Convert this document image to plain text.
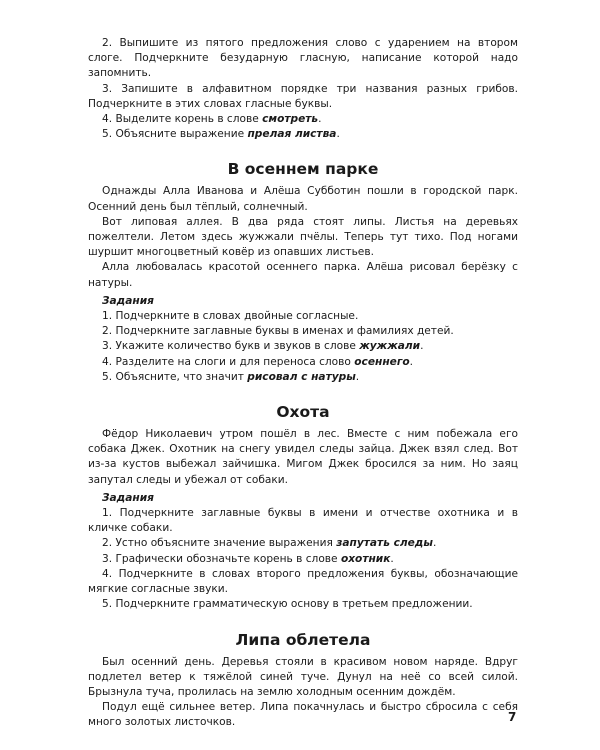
2. Выпишите из пятого предложения слово с ударением на втором слоге. Подчеркните безударную гласную, написание которой надо запомнить.

3. Запишите в алфавитном порядке три названия разных грибов. Подчеркните в этих словах гласные буквы.

4. Выделите корень в слове смотреть.

5. Объясните выражение прелая листва.

В осеннем парке

Однажды Алла Иванова и Алёша Субботин пошли в городской парк. Осенний день был тёплый, солнечный.

Вот липовая аллея. В два ряда стоят липы. Листья на деревьях пожелтели. Летом здесь жужжали пчёлы. Теперь тут тихо. Под ногами шуршит многоцветный ковёр из опавших листьев.

Алла любовалась красотой осеннего парка. Алёша рисовал берёзку с натуры.

Задания

1. Подчеркните в словах двойные согласные.

2. Подчеркните заглавные буквы в именах и фамилиях детей.

3. Укажите количество букв и звуков в слове жужжали.

4. Разделите на слоги и для переноса слово осеннего.

5. Объясните, что значит рисовал с натуры.

Охота

Фёдор Николаевич утром пошёл в лес. Вместе с ним побежала его собака Джек. Охотник на снегу увидел следы зайца. Джек взял след. Вот из-за кустов выбежал зайчишка. Мигом Джек бросился за ним. Но заяц запутал следы и убежал от собаки.

Задания

1. Подчеркните заглавные буквы в имени и отчестве охотника и в кличке собаки.

2. Устно объясните значение выражения запутать следы.

3. Графически обозначьте корень в слове охотник.

4. Подчеркните в словах второго предложения буквы, обозначающие мягкие согласные звуки.

5. Подчеркните грамматическую основу в третьем предложении.

Липа облетела

Был осенний день. Деревья стояли в красивом новом наряде. Вдруг подлетел ветер к тяжёлой синей туче. Дунул на неё со всей силой. Брызнула туча, пролилась на землю холодным осенним дождём.

Подул ещё сильнее ветер. Липа покачнулась и быстро сбросила с себя много золотых листочков.	7
